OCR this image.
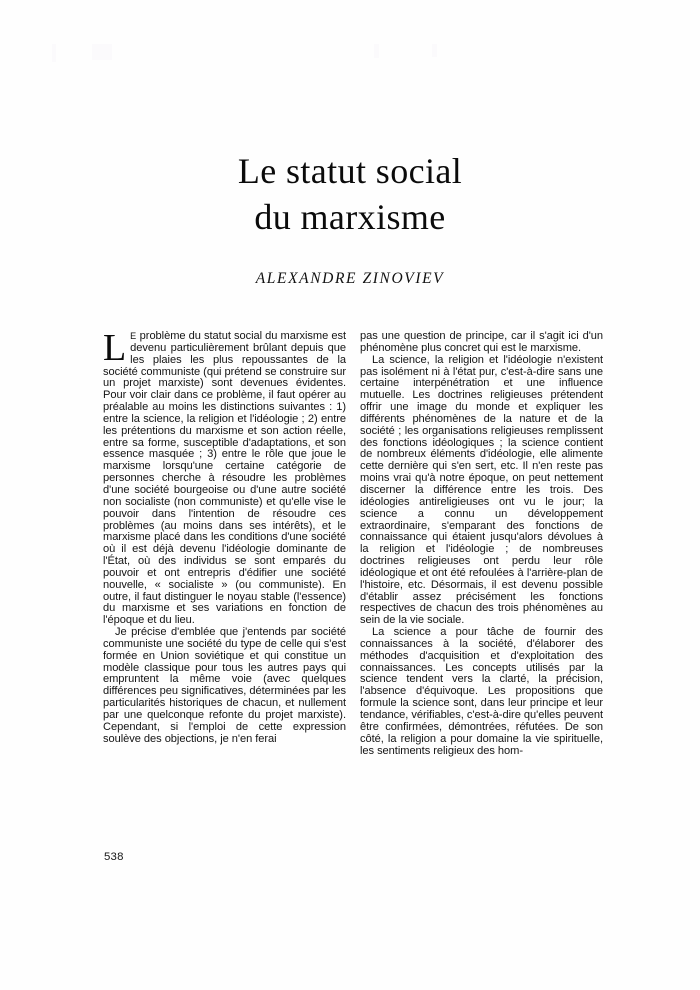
Le statut social
du marxisme
ALEXANDRE ZINOVIEV

L E problème du statut social du marxisme est devenu particulièrement brûlant depuis que les plaies les plus repoussantes de la société communiste (qui prétend se construire sur un projet marxiste) sont devenues évidentes. Pour voir clair dans ce problème, il faut opérer au préalable au moins les distinctions suivantes : 1) entre la science, la religion et l'idéologie ; 2) entre les prétentions du marxisme et son action réelle, entre sa forme, susceptible d'adaptations, et son essence masquée ; 3) entre le rôle que joue le marxisme lorsqu'une certaine catégorie de personnes cherche à résoudre les problèmes d'une société bourgeoise ou d'une autre société non socialiste (non communiste) et qu'elle vise le pouvoir dans l'intention de résoudre ces problèmes (au moins dans ses intérêts), et le marxisme placé dans les conditions d'une société où il est déjà devenu l'idéologie dominante de l'État, où des individus se sont emparés du pouvoir et ont entrepris d'édifier une société nouvelle, « socialiste » (ou communiste). En outre, il faut distinguer le noyau stable (l'essence) du marxisme et ses variations en fonction de l'époque et du lieu.

Je précise d'emblée que j'entends par société communiste une société du type de celle qui s'est formée en Union soviétique et qui constitue un modèle classique pour tous les autres pays qui empruntent la même voie (avec quelques différences peu significatives, déterminées par les particularités historiques de chacun, et nullement par une quelconque refonte du projet marxiste). Cependant, si l'emploi de cette expression soulève des objections, je n'en ferai

pas une question de principe, car il s'agit ici d'un phénomène plus concret qui est le marxisme.

La science, la religion et l'idéologie n'existent pas isolément ni à l'état pur, c'est-à-dire sans une certaine interpénétration et une influence mutuelle. Les doctrines religieuses prétendent offrir une image du monde et expliquer les différents phénomènes de la nature et de la société ; les organisations religieuses remplissent des fonctions idéologiques ; la science contient de nombreux éléments d'idéologie, elle alimente cette dernière qui s'en sert, etc. Il n'en reste pas moins vrai qu'à notre époque, on peut nettement discerner la différence entre les trois. Des idéologies antireligieuses ont vu le jour; la science a connu un développement extraordinaire, s'emparant des fonctions de connaissance qui étaient jusqu'alors dévolues à la religion et l'idéologie ; de nombreuses doctrines religieuses ont perdu leur rôle idéologique et ont été refoulées à l'arrière-plan de l'histoire, etc. Désormais, il est devenu possible d'établir assez précisément les fonctions respectives de chacun des trois phénomènes au sein de la vie sociale.

La science a pour tâche de fournir des connaissances à la société, d'élaborer des méthodes d'acquisition et d'exploitation des connaissances. Les concepts utilisés par la science tendent vers la clarté, la précision, l'absence d'équivoque. Les propositions que formule la science sont, dans leur principe et leur tendance, vérifiables, c'est-à-dire qu'elles peuvent être confirmées, démontrées, réfutées. De son côté, la religion a pour domaine la vie spirituelle, les sentiments religieux des hom-

538
